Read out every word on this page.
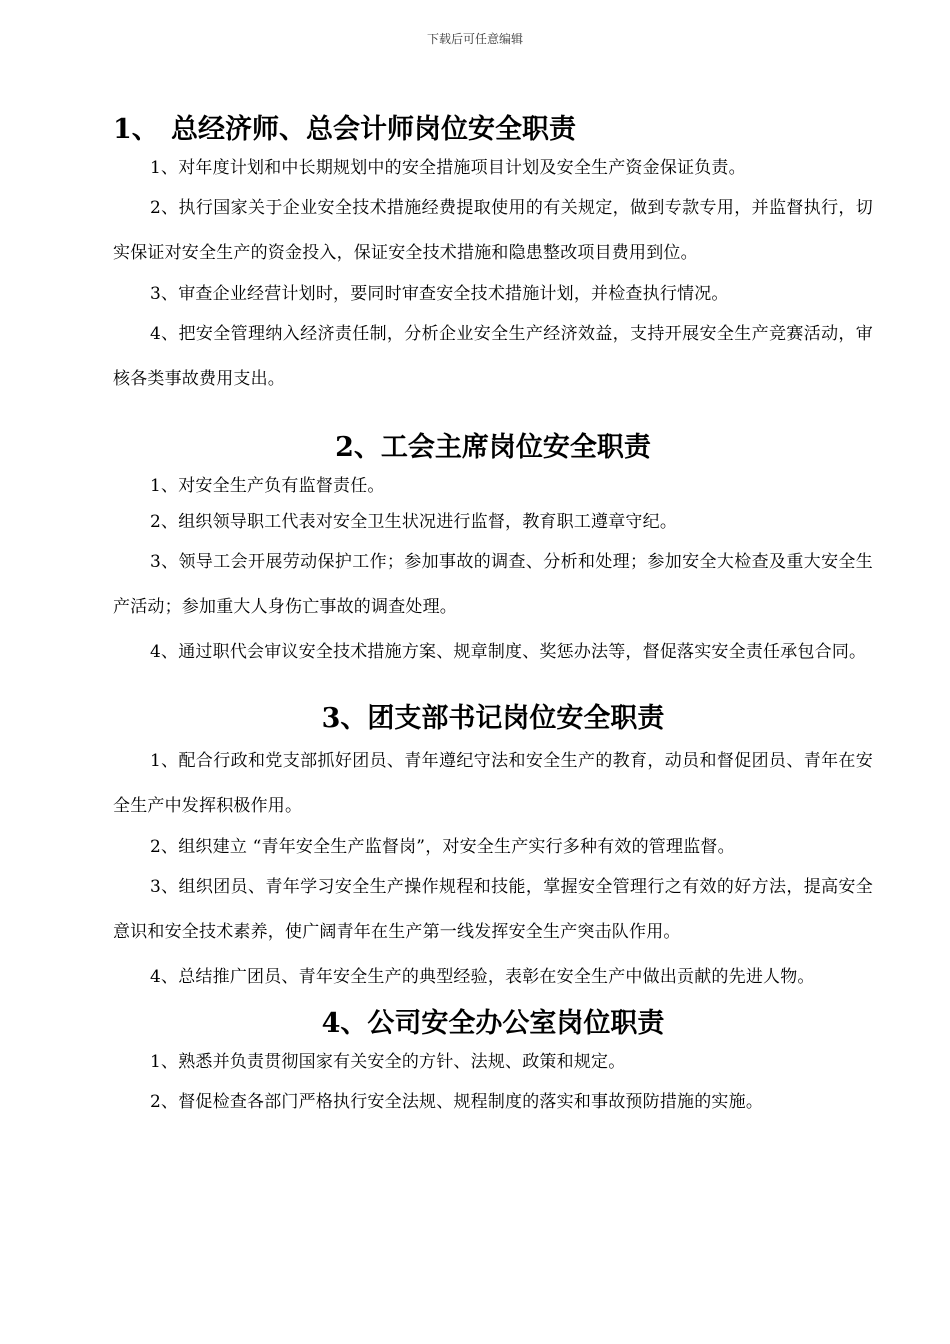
下载后可任意编辑
1、 总经济师、总会计师岗位安全职责

1、对年度计划和中长期规划中的安全措施项目计划及安全生产资金保证负责。

2、执行国家关于企业安全技术措施经费提取使用的有关规定，做到专款专用，并监督执行，切实保证对安全生产的资金投入，保证安全技术措施和隐患整改项目费用到位。

3、审查企业经营计划时，要同时审查安全技术措施计划，并检查执行情况。

4、把安全管理纳入经济责任制，分析企业安全生产经济效益，支持开展安全生产竞赛活动，审核各类事故费用支出。

2、工会主席岗位安全职责

1、对安全生产负有监督责任。

2、组织领导职工代表对安全卫生状况进行监督，教育职工遵章守纪。

3、领导工会开展劳动保护工作；参加事故的调查、分析和处理；参加安全大检查及重大安全生产活动；参加重大人身伤亡事故的调查处理。

4、通过职代会审议安全技术措施方案、规章制度、奖惩办法等，督促落实安全责任承包合同。

3、团支部书记岗位安全职责

1、配合行政和党支部抓好团员、青年遵纪守法和安全生产的教育，动员和督促团员、青年在安全生产中发挥积极作用。

2、组织建立 “青年安全生产监督岗”，对安全生产实行多种有效的管理监督。

3、组织团员、青年学习安全生产操作规程和技能，掌握安全管理行之有效的好方法，提高安全意识和安全技术素养，使广阔青年在生产第一线发挥安全生产突击队作用。

4、总结推广团员、青年安全生产的典型经验，表彰在安全生产中做出贡献的先进人物。

4、公司安全办公室岗位职责

1、熟悉并负责贯彻国家有关安全的方针、法规、政策和规定。

2、督促检查各部门严格执行安全法规、规程制度的落实和事故预防措施的实施。
